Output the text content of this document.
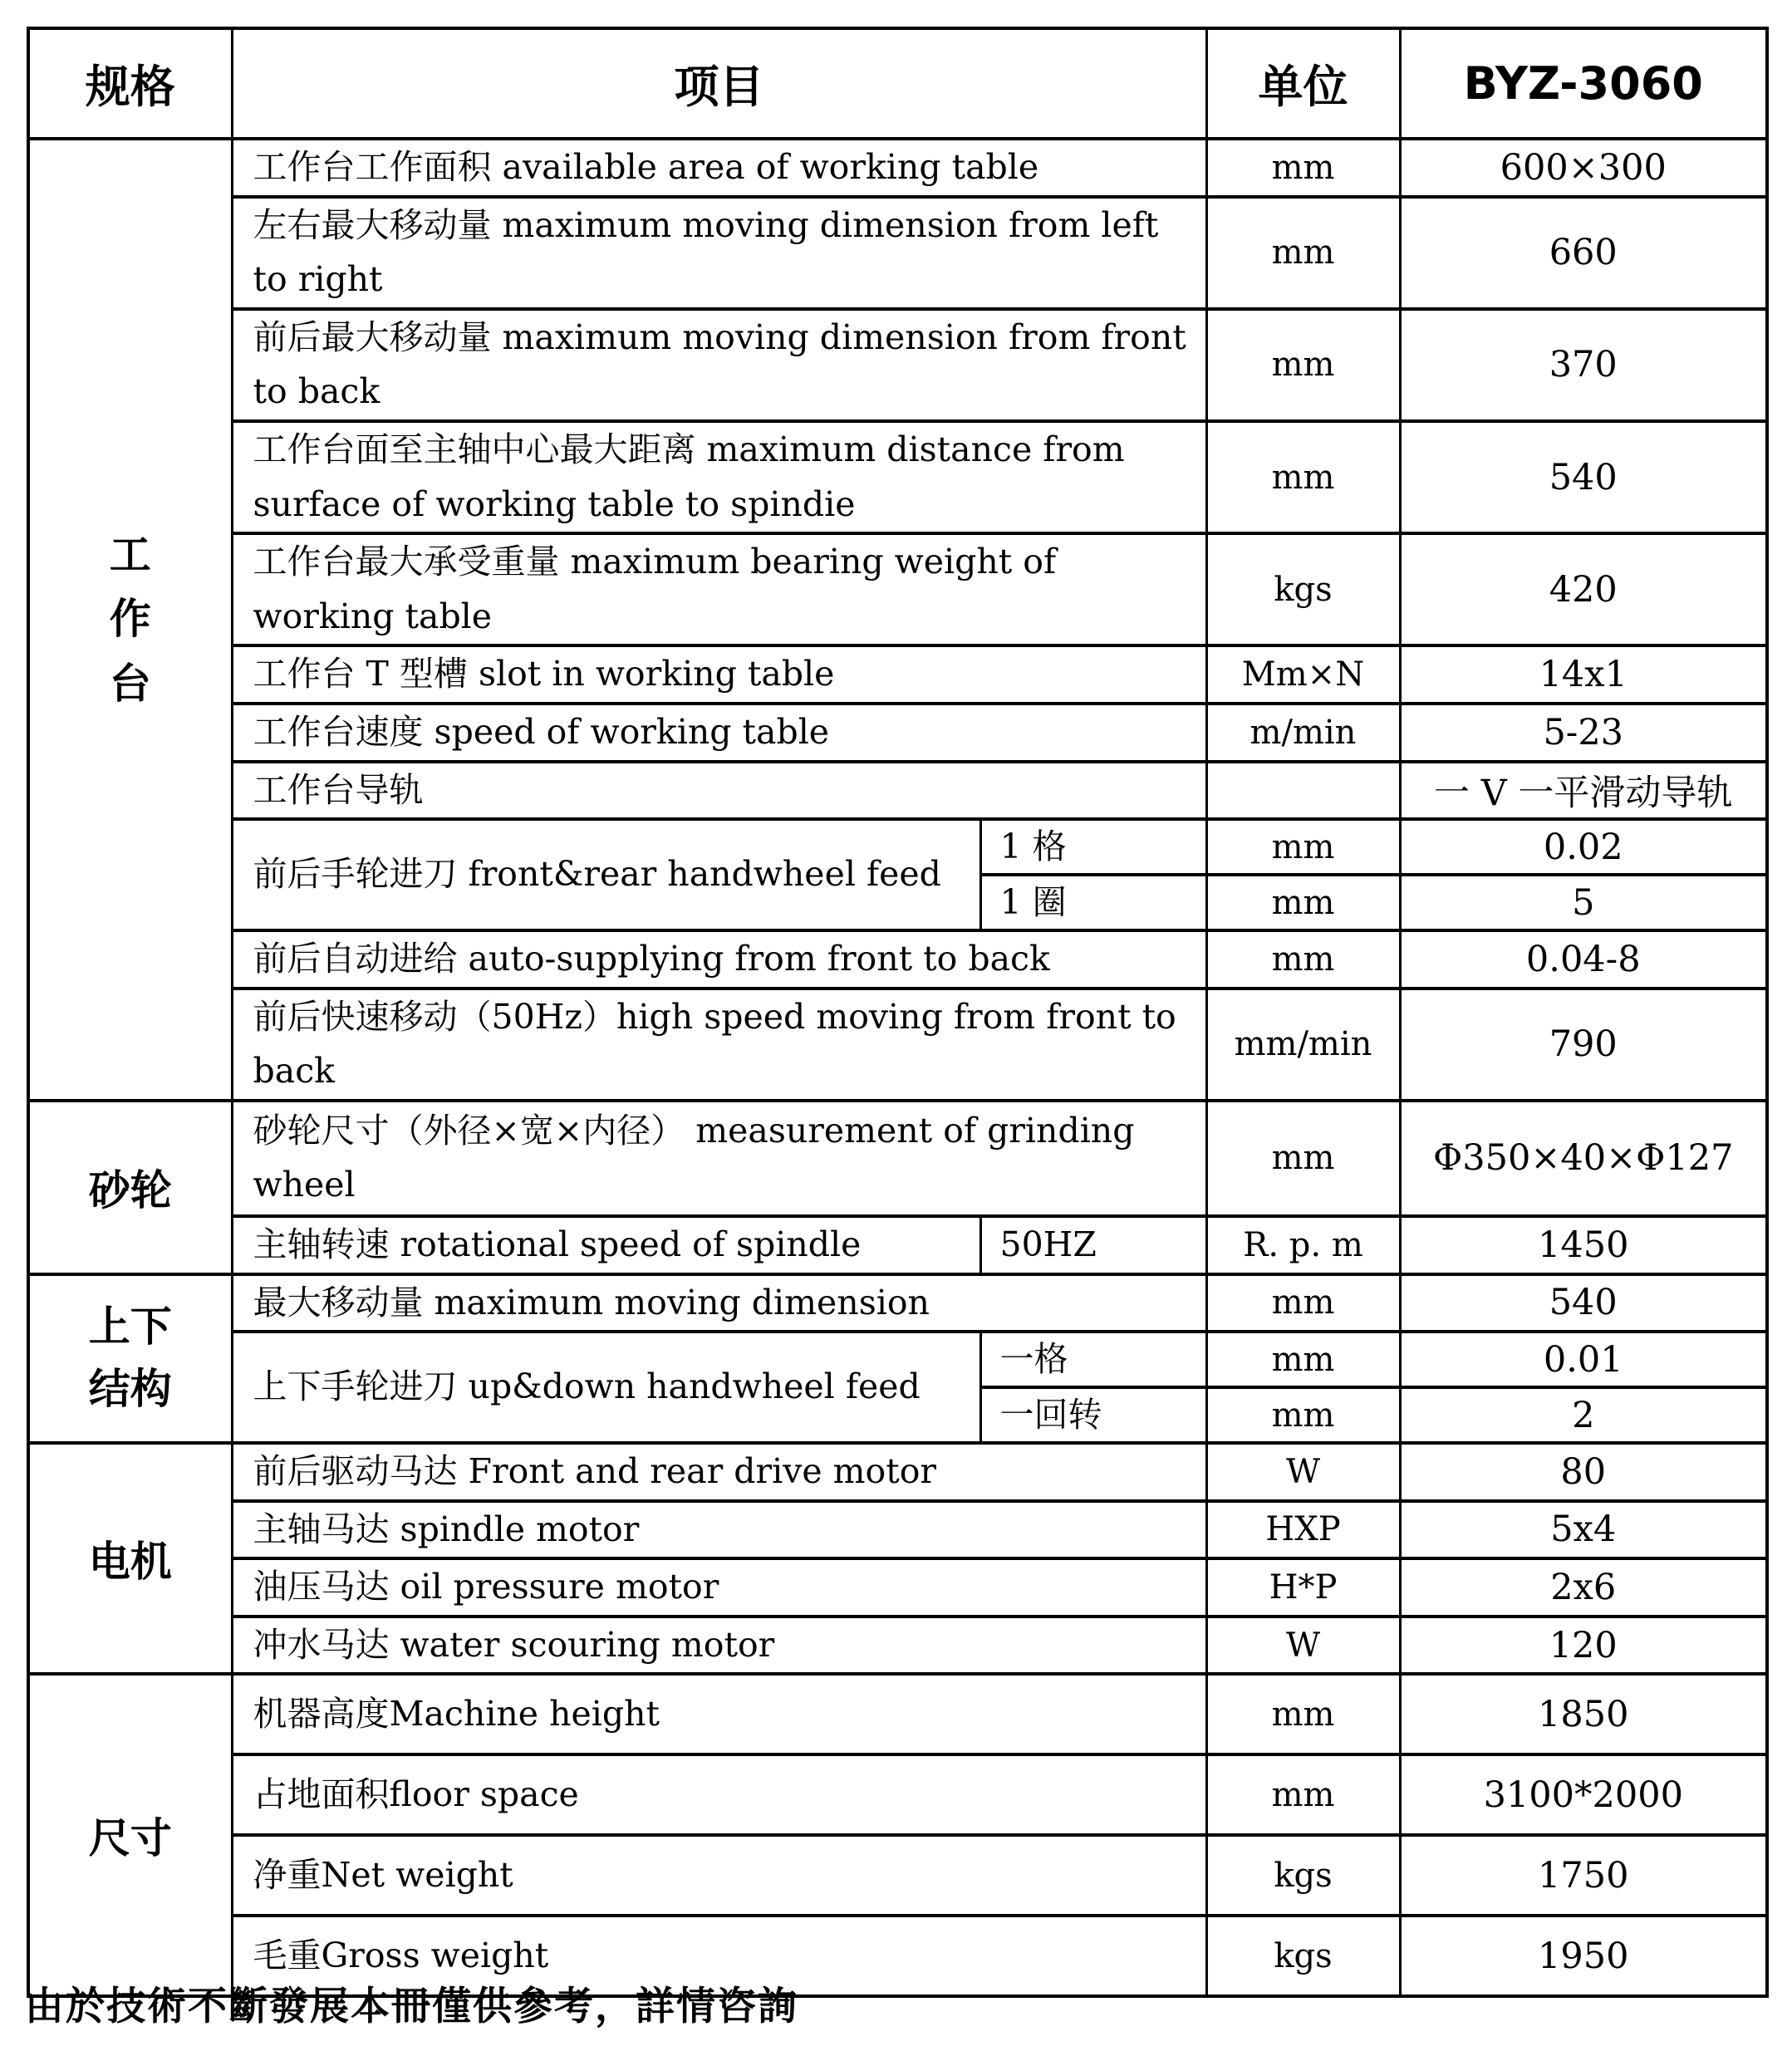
规格	项目		单位	BYZ-3060

工作台	工作台工作面积 available area of working table		mm	600×300
	左右最大移动量 maximum moving dimension from left to right		mm	660
	前后最大移动量 maximum moving dimension from front to back		mm	370
	工作台面至主轴中心最大距离 maximum distance from surface of working table to spindie		mm	540
	工作台最大承受重量 maximum bearing weight of working table		kgs	420
	工作台 T 型槽 slot in working table		Mm×N	14x1
	工作台速度 speed of working table		m/min	5-23
	工作台导轨			一 V 一平滑动导轨
	前后手轮进刀 front&rear handwheel feed	1 格	mm	0.02
		1 圈	mm	5
	前后自动进给 auto-supplying from front to back		mm	0.04-8
	前后快速移动（50Hz）high speed moving from front to back		mm/min	790

砂轮	砂轮尺寸（外径×宽×内径） measurement of grinding wheel		mm	Φ350×40×Φ127
	主轴转速 rotational speed of spindle	50HZ	R. p. m	1450

上下结构	最大移动量 maximum moving dimension		mm	540
	上下手轮进刀 up&down handwheel feed	一格	mm	0.01
		一回转	mm	2

电机	前后驱动马达 Front and rear drive motor		W	80
	主轴马达 spindle motor		HXP	5x4
	油压马达 oil pressure motor		H*P	2x6
	冲水马达 water scouring motor		W	120

尺寸	机器高度Machine height		mm	1850
	占地面积floor space		mm	3100*2000
	净重Net weight		kgs	1750
	毛重Gross weight		kgs	1950
由於技術不斷發展本冊僅供參考，詳情咨詢
